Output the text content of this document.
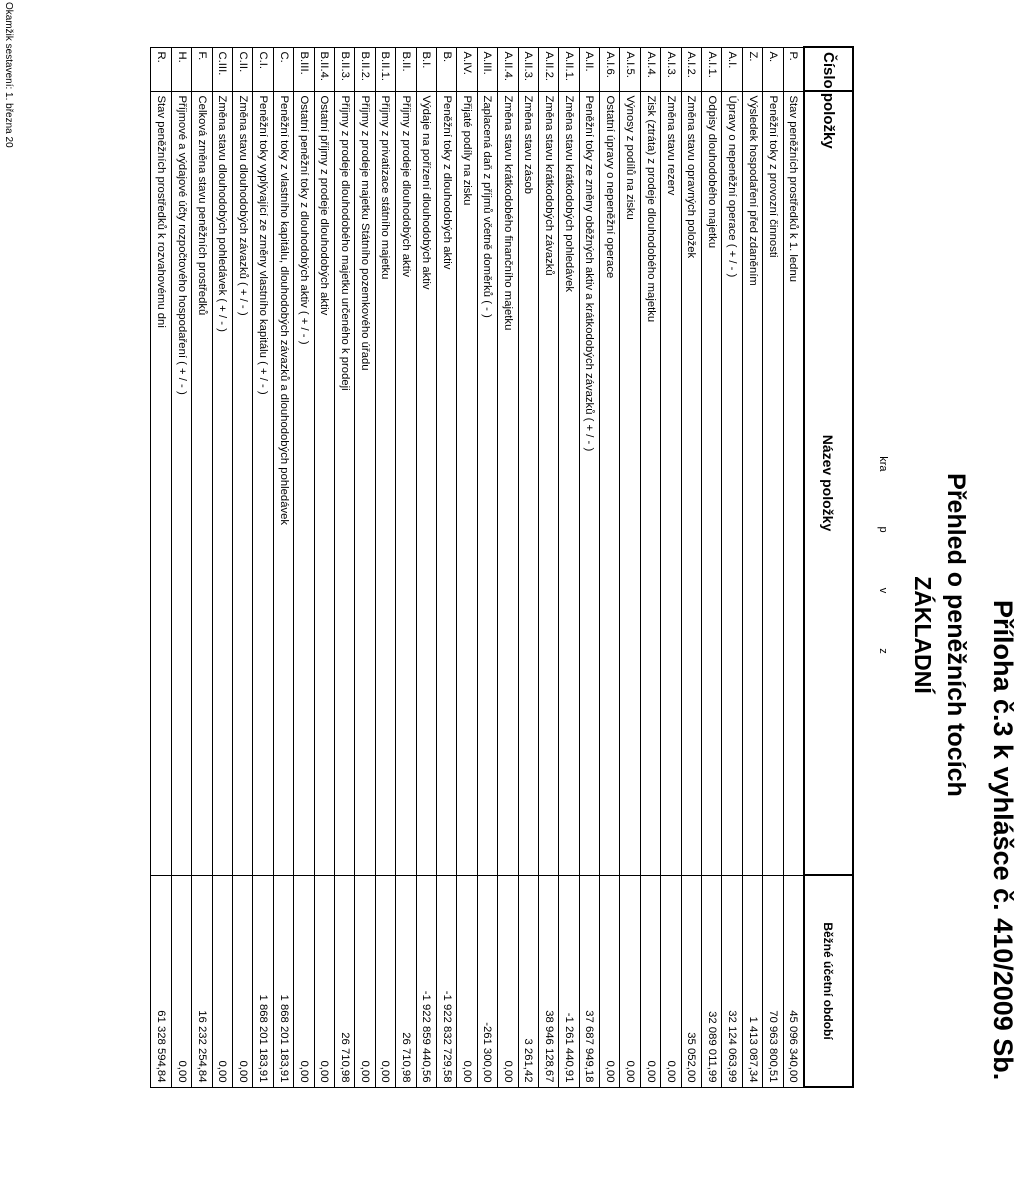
Příloha č.3 k vyhlášce č. 410/2009 Sb.
Přehled o peněžních tocích
ZÁKLADNÍ
kra p v z
Číslo položky	Název položky	Běžné účetní období
P.	Stav peněžních prostředků k 1. lednu	45 096 340,00
A.	Peněžní toky z provozní činnosti	70 963 800,51
Z.	Výsledek hospodaření před zdaněním	1 413 087,34
A.I.	Úpravy o nepeněžní operace ( + / - )	32 124 063,99
A.I.1.	Odpisy dlouhodobého majetku	32 089 011,99
A.I.2.	Změna stavu opravných položek	35 052,00
A.I.3.	Změna stavu rezerv	0,00
A.I.4.	Zisk (ztráta) z prodeje dlouhodobého majetku	0,00
A.I.5.	Výnosy z podílů na zisku	0,00
A.I.6.	Ostatní úpravy o nepeněžní operace	0,00
A.II.	Peněžní toky ze změny oběžných aktiv a krátkodobých závazků ( + / - )	37 687 949,18
A.II.1.	Změna stavu krátkodobých pohledávek	-1 261 440,91
A.II.2.	Změna stavu krátkodobých závazků	38 946 128,67
A.II.3.	Změna stavu zásob	3 261,42
A.II.4.	Změna stavu krátkodobého finančního majetku	0,00
A.III.	Zaplacená daň z příjmů včetně doměrků ( - )	-261 300,00
A.IV.	Přijaté podíly na zisku	0,00
B.	Peněžní toky z dlouhodobých aktiv	-1 922 832 729,58
B.I.	Výdaje na pořízení dlouhodobých aktiv	-1 922 859 440,56
B.II.	Příjmy z prodeje dlouhodobých aktiv	26 710,98
B.II.1.	Příjmy z privatizace státního majetku	0,00
B.II.2.	Příjmy z prodeje majetku Státního pozemkového úřadu	0,00
B.II.3.	Příjmy z prodeje dlouhodobého majetku určeného k prodeji	26 710,98
B.II.4.	Ostatní příjmy z prodeje dlouhodobých aktiv	0,00
B.III.	Ostatní peněžní toky z dlouhodobých aktiv ( + / - )	0,00
C.	Peněžní toky z vlastního kapitálu, dlouhodobých závazků a dlouhodobých pohledávek	1 868 201 183,91
C.I.	Peněžní toky vyplývající ze změny vlastního kapitálu ( + / - )	1 868 201 183,91
C.II.	Změna stavu dlouhodobých závazků ( + / - )	0,00
C.III.	Změna stavu dlouhodobých pohledávek ( + / - )	0,00
F.	Celková změna stavu peněžních prostředků	16 232 254,84
H.	Příjmové a výdajové účty rozpočtového hospodaření ( + / - )	0,00
R.	Stav peněžních prostředků k rozvahovému dni	61 328 594,84
Okamžik sestavení: 1. března 20
